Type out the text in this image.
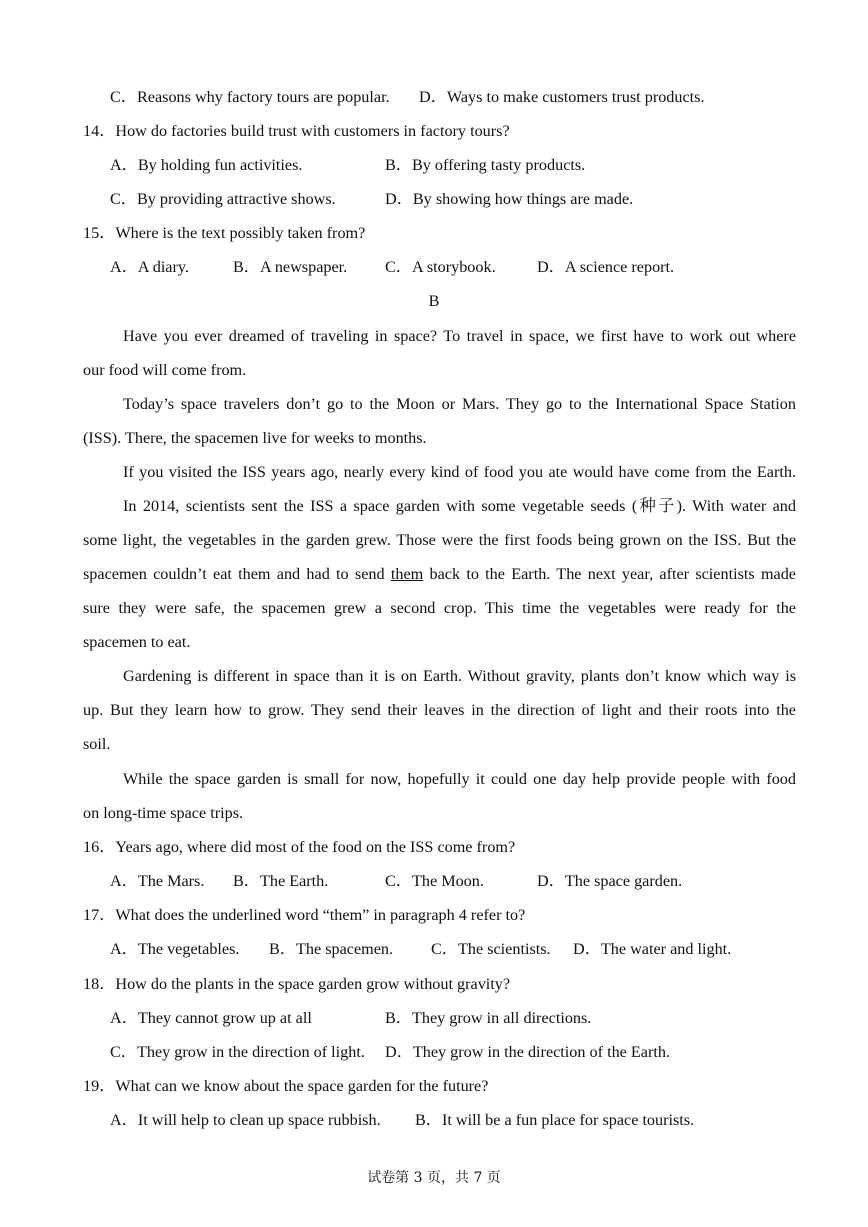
C．Reasons why factory tours are popular. D．Ways to make customers trust products.
14．How do factories build trust with customers in factory tours?
A．By holding fun activities.	B．By offering tasty products.
C．By providing attractive shows.	D．By showing how things are made.
15．Where is the text possibly taken from?
A．A diary.	B．A newspaper. C．A storybook.	D．A science report.
B
Have you ever dreamed of traveling in space? To travel in space, we first have to work out where
our food will come from.
Today’s space travelers don’t go to the Moon or Mars. They go to the International Space Station
(ISS). There, the spacemen live for weeks to months.
If you visited the ISS years ago, nearly every kind of food you ate would have come from the Earth.
In 2014, scientists sent the ISS a space garden with some vegetable seeds (种子). With water and
some light, the vegetables in the garden grew. Those were the first foods being grown on the ISS. But the
spacemen couldn’t eat them and had to send them back to the Earth. The next year, after scientists made
sure they were safe, the spacemen grew a second crop. This time the vegetables were ready for the
spacemen to eat.
Gardening is different in space than it is on Earth. Without gravity, plants don’t know which way is
up. But they learn how to grow. They send their leaves in the direction of light and their roots into the
soil.
While the space garden is small for now, hopefully it could one day help provide people with food
on long-time space trips.
16．Years ago, where did most of the food on the ISS come from?
A．The Mars. B．The Earth.	C．The Moon.	D．The space garden.
17．What does the underlined word “them” in paragraph 4 refer to?
A．The vegetables. B．The spacemen. C．The scientists. D．The water and light.
18．How do the plants in the space garden grow without gravity?
A．They cannot grow up at all	B．They grow in all directions.
C．They grow in the direction of light. D．They grow in the direction of the Earth.
19．What can we know about the space garden for the future?
A．It will help to clean up space rubbish. B．It will be a fun place for space tourists.
试卷第 3 页，共 7 页
